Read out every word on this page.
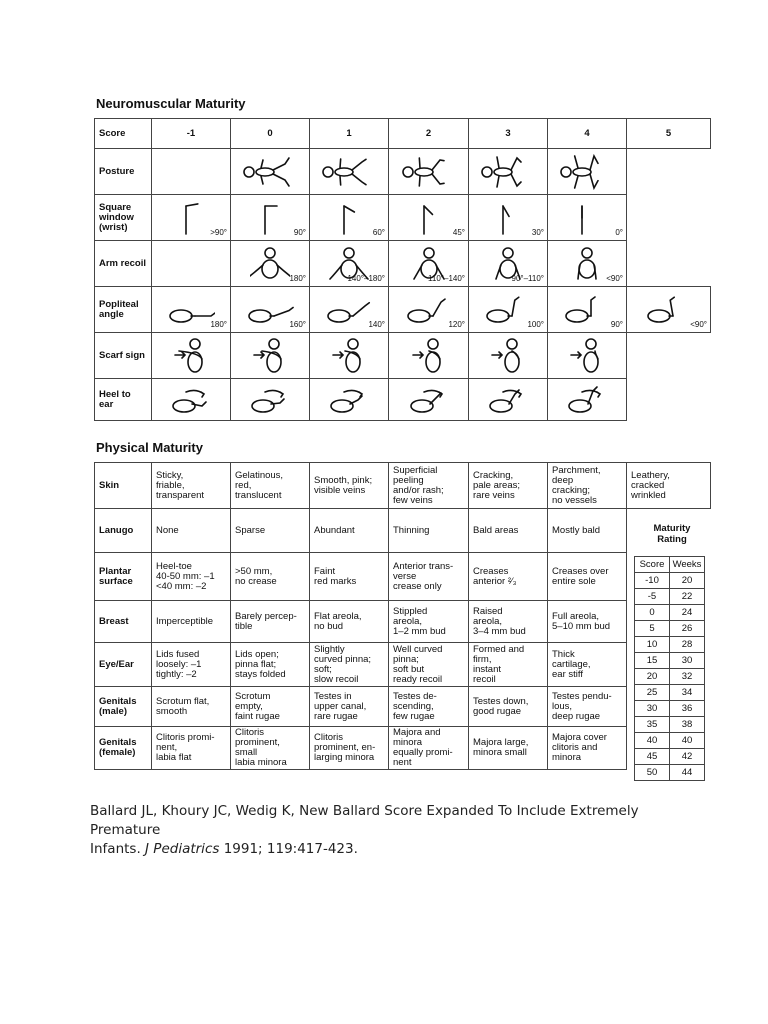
Neuromuscular Maturity
Score	-1	0	1	2	3	4	5
Posture		

Square window (wrist)	>90°	90°	60°	45°	30°	0°	

Arm recoil		180°	140°–180°	110°–140°	90°–110°	<90°	

Popliteal angle	180°	160°	140°	120°	100°	90°	<90°

Scarf sign	

Heel to ear	

Physical Maturity
Skin	Sticky,
friable,
transparent	Gelatinous,
red,
translucent	Smooth, pink;
visible veins	Superficial
peeling
and/or rash;
few veins	Cracking,
pale areas;
rare veins	Parchment,
deep
cracking;
no vessels	Leathery,
cracked
wrinkled
Lanugo	None	Sparse	Abundant	Thinning	Bald areas	Mostly bald	
Plantar surface	Heel-toe
40-50 mm: –1
<40 mm: –2	>50 mm,
no crease	Faint
red marks	Anterior trans-
verse
crease only	Creases
anterior ²⁄₃	Creases over
entire sole	
Breast	Imperceptible	Barely percep-
tible	Flat areola,
no bud	Stippled
areola,
1–2 mm bud	Raised
areola,
3–4 mm bud	Full areola,
5–10 mm bud	
Eye/Ear	Lids fused
loosely: –1
tightly: –2	Lids open;
pinna flat;
stays folded	Slightly
curved pinna;
soft;
slow recoil	Well curved
pinna;
soft but
ready recoil	Formed and
firm,
instant
recoil	Thick
cartilage,
ear stiff	
Genitals (male)	Scrotum flat,
smooth	Scrotum
empty,
faint rugae	Testes in
upper canal,
rare rugae	Testes de-
scending,
few rugae	Testes down,
good rugae	Testes pendu-
lous,
deep rugae	
Genitals (female)	Clitoris promi-
nent,
labia flat	Clitoris
prominent,
small
labia minora	Clitoris
prominent, en-
larging minora	Majora and
minora
equally promi-
nent	Majora large,
minora small	Majora cover
clitoris and
minora	
Maturity
Rating
Score	Weeks
-10	20
-5	22
0	24
5	26
10	28
15	30
20	32
25	34
30	36
35	38
40	40
45	42
50	44
Ballard JL, Khoury JC, Wedig K, New Ballard Score Expanded To Include Extremely
Premature
Infants. J Pediatrics 1991; 119:417-423.
